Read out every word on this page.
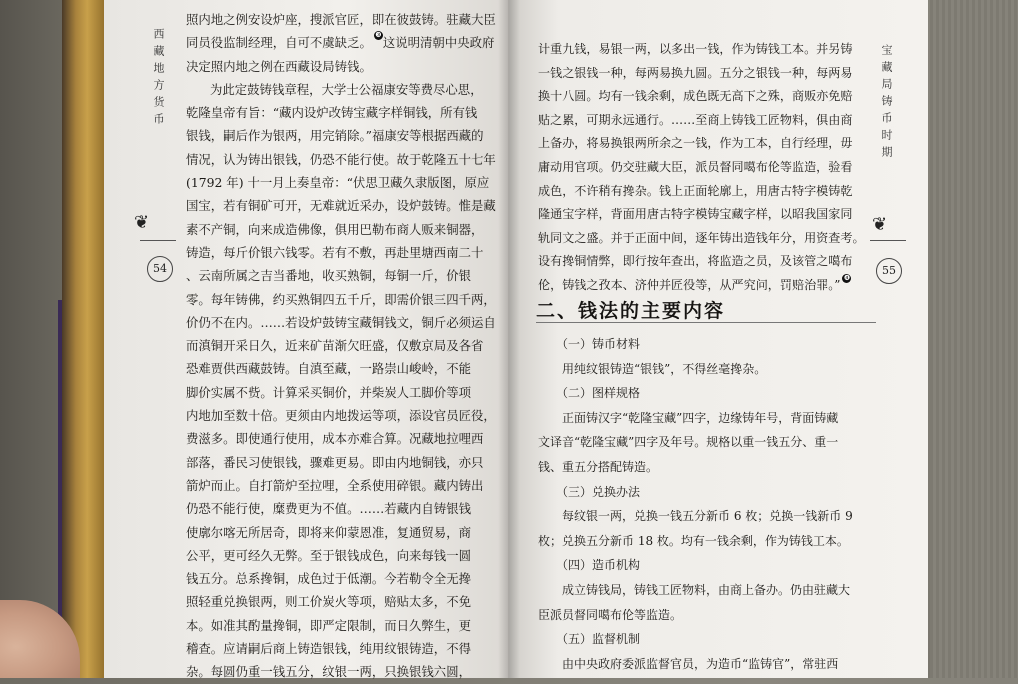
西藏地方货币
❦
54
宝藏局铸币时期
❦
55

照内地之例安设炉座，搜派官匠，即在彼鼓铸。驻藏大臣

同员役监制经理，自可不虞缺乏。 ❸这说明清朝中央政府

决定照内地之例在西藏设局铸钱。

为此定鼓铸钱章程，大学士公福康安等费尽心思，

乾隆皇帝有旨：“藏内设炉改铸宝藏字样铜钱，所有钱

银钱，嗣后作为银两，用完销除。”福康安等根据西藏的

情况，认为铸出银钱，仍恐不能行使。故于乾隆五十七年

(1792 年) 十一月上奏皇帝：“伏思卫藏久隶版图，原应

国宝，若有铜矿可开，无难就近采办，设炉鼓铸。惟是藏

素不产铜，向来成造佛像，俱用巴勒布商人贩来铜器，

铸造，每斤价银六钱零。若有不敷，再赴里塘西南二十

、云南所属之吉当番地，收买熟铜，每铜一斤，价银

零。每年铸佛，约买熟铜四五千斤，即需价银三四千两，

价仍不在内。……若设炉鼓铸宝藏铜钱文，铜斤必须运自

而滇铜开采日久，近来矿苗渐欠旺盛，仅敷京局及各省

恐难贾供西藏鼓铸。自滇至藏，一路崇山峻岭，不能

脚价实属不赀。计算采买铜价，并柴炭人工脚价等项

内地加至数十倍。更须由内地拨运等项，添设官员匠役，

费滋多。即使通行使用，成本亦难合算。况藏地拉哩西

部落，番民习使银钱，骤难更易。即由内地铜钱，亦只

箭炉而止。自打箭炉至拉哩，全系使用碎银。藏内铸出

仍恐不能行使，糜费更为不值。……若藏内自铸银钱

使廓尔喀无所居奇，即将来仰蒙恩准，复通贸易，商

公平，更可经久无弊。至于银钱成色，向来每钱一圆

钱五分。总系搀铜，成色过于低潮。今若勒令全无搀

照轻重兑换银两，则工价炭火等项，赔贴太多，不免

本。如准其酌量搀铜，即严定限制，而日久弊生，更

稽查。应请嗣后商上铸造银钱，纯用纹银铸造，不得

杂。每圆仍重一钱五分，纹银一两，只换银钱六圆，

计重九钱，易银一两，以多出一钱，作为铸钱工本。并另铸

一钱之银钱一种，每两易换九圆。五分之银钱一种，每两易

换十八圆。均有一钱余剩，成色既无高下之殊，商贩亦免赔

贴之累，可期永远通行。……至商上铸钱工匠物料，俱由商

上备办，将易换银两所余之一钱，作为工本，自行经理，毋

庸动用官项。仍交驻藏大臣，派员督同噶布伦等监造，验看

成色，不许稍有搀杂。钱上正面轮廓上，用唐古特字模铸乾

隆通宝字样，背面用唐古特字模铸宝藏字样，以昭我国家同

轨同文之盛。并于正面中间，逐年铸出造钱年分，用资查考。

设有搀铜情弊，即行按年查出，将监造之员，及该管之噶布

伦，铸钱之孜本、济仲并匠役等，从严究问，罚赔治罪。” ❹

二、钱法的主要内容

（一）铸币材料

用纯纹银铸造“银钱”，不得丝毫搀杂。

（二）图样规格

正面铸汉字“乾隆宝藏”四字，边缘铸年号，背面铸藏

文译音“乾隆宝藏”四字及年号。规格以重一钱五分、重一

钱、重五分搭配铸造。

（三）兑换办法

每纹银一两，兑换一钱五分新币 6 枚；兑换一钱新币 9

枚；兑换五分新币 18 枚。均有一钱余剩，作为铸钱工本。

（四）造币机构

成立铸钱局，铸钱工匠物料，由商上备办。仍由驻藏大

臣派员督同噶布伦等监造。

（五）监督机制

由中央政府委派监督官员，为造币“监铸官”，常驻西
